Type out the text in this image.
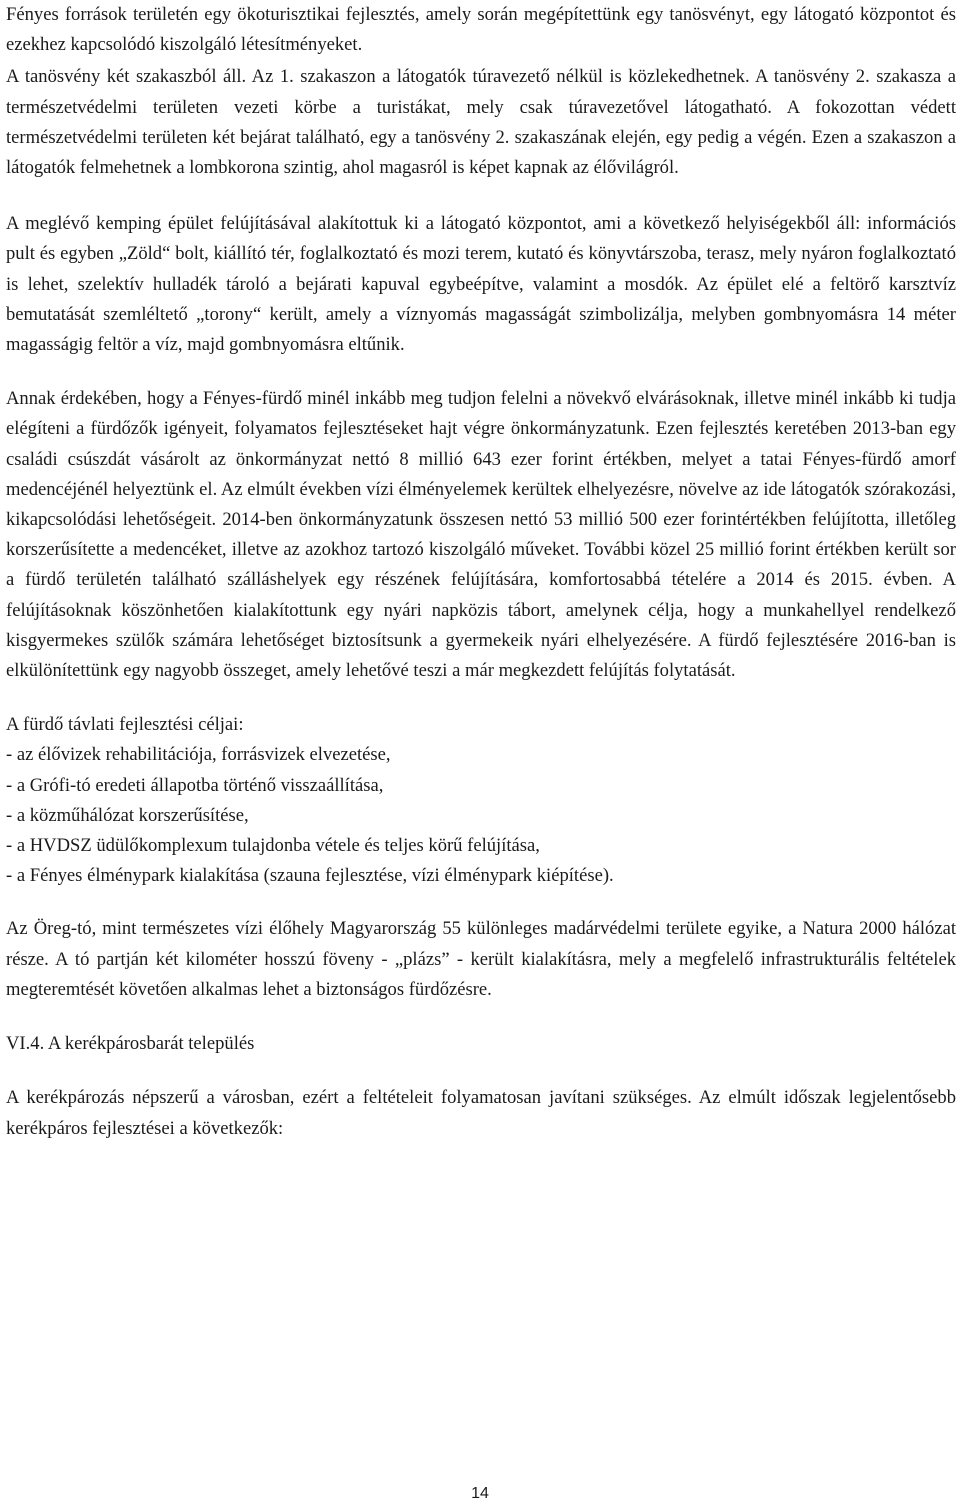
Fényes források területén egy ökoturisztikai fejlesztés, amely során megépítettünk egy tanösvényt, egy látogató központot és ezekhez kapcsolódó kiszolgáló létesítményeket.

A tanösvény két szakaszból áll. Az 1. szakaszon a látogatók túravezető nélkül is közlekedhetnek. A tanösvény 2. szakasza a természetvédelmi területen vezeti körbe a turistákat, mely csak túravezetővel látogatható. A fokozottan védett természetvédelmi területen két bejárat található, egy a tanösvény 2. szakaszának elején, egy pedig a végén. Ezen a szakaszon a látogatók felmehetnek a lombkorona szintig, ahol magasról is képet kapnak az élővilágról.

A meglévő kemping épület felújításával alakítottuk ki a látogató központot, ami a következő helyiségekből áll: információs pult és egyben „Zöld“ bolt, kiállító tér, foglalkoztató és mozi terem, kutató és könyvtárszoba, terasz, mely nyáron foglalkoztató is lehet, szelektív hulladék tároló a bejárati kapuval egybeépítve, valamint a mosdók. Az épület elé a feltörő karsztvíz bemutatását szemléltető „torony“ került, amely a víznyomás magasságát szimbolizálja, melyben gombnyomásra 14 méter magasságig feltör a víz, majd gombnyomásra eltűnik.

Annak érdekében, hogy a Fényes-fürdő minél inkább meg tudjon felelni a növekvő elvárásoknak, illetve minél inkább ki tudja elégíteni a fürdőzők igényeit, folyamatos fejlesztéseket hajt végre önkormányzatunk. Ezen fejlesztés keretében 2013-ban egy családi csúszdát vásárolt az önkormányzat nettó 8 millió 643 ezer forint értékben, melyet a tatai Fényes-fürdő amorf medencéjénél helyeztünk el. Az elmúlt években vízi élményelemek kerültek elhelyezésre, növelve az ide látogatók szórakozási, kikapcsolódási lehetőségeit. 2014-ben önkormányzatunk összesen nettó 53 millió 500 ezer forintértékben felújította, illetőleg korszerűsítette a medencéket, illetve az azokhoz tartozó kiszolgáló műveket. További közel 25 millió forint értékben került sor a fürdő területén található szálláshelyek egy részének felújítására, komfortosabbá tételére a 2014 és 2015. évben. A felújításoknak köszönhetően kialakítottunk egy nyári napközis tábort, amelynek célja, hogy a munkahellyel rendelkező kisgyermekes szülők számára lehetőséget biztosítsunk a gyermekeik nyári elhelyezésére. A fürdő fejlesztésére 2016-ban is elkülönítettünk egy nagyobb összeget, amely lehetővé teszi a már megkezdett felújítás folytatását.

A fürdő távlati fejlesztési céljai:
- az élővizek rehabilitációja, forrásvizek elvezetése,
- a Grófi-tó eredeti állapotba történő visszaállítása,
- a közműhálózat korszerűsítése,
- a HVDSZ üdülőkomplexum tulajdonba vétele és teljes körű felújítása,
- a Fényes élménypark kialakítása (szauna fejlesztése, vízi élménypark kiépítése).

Az Öreg-tó, mint természetes vízi élőhely Magyarország 55 különleges madárvédelmi területe egyike, a Natura 2000 hálózat része. A tó partján két kilométer hosszú föveny - „plázs” - került kialakításra, mely a megfelelő infrastrukturális feltételek megteremtését követően alkalmas lehet a biztonságos fürdőzésre.

VI.4. A kerékpárosbarát település

A kerékpározás népszerű a városban, ezért a feltételeit folyamatosan javítani szükséges. Az elmúlt időszak legjelentősebb kerékpáros fejlesztései a következők:

14
